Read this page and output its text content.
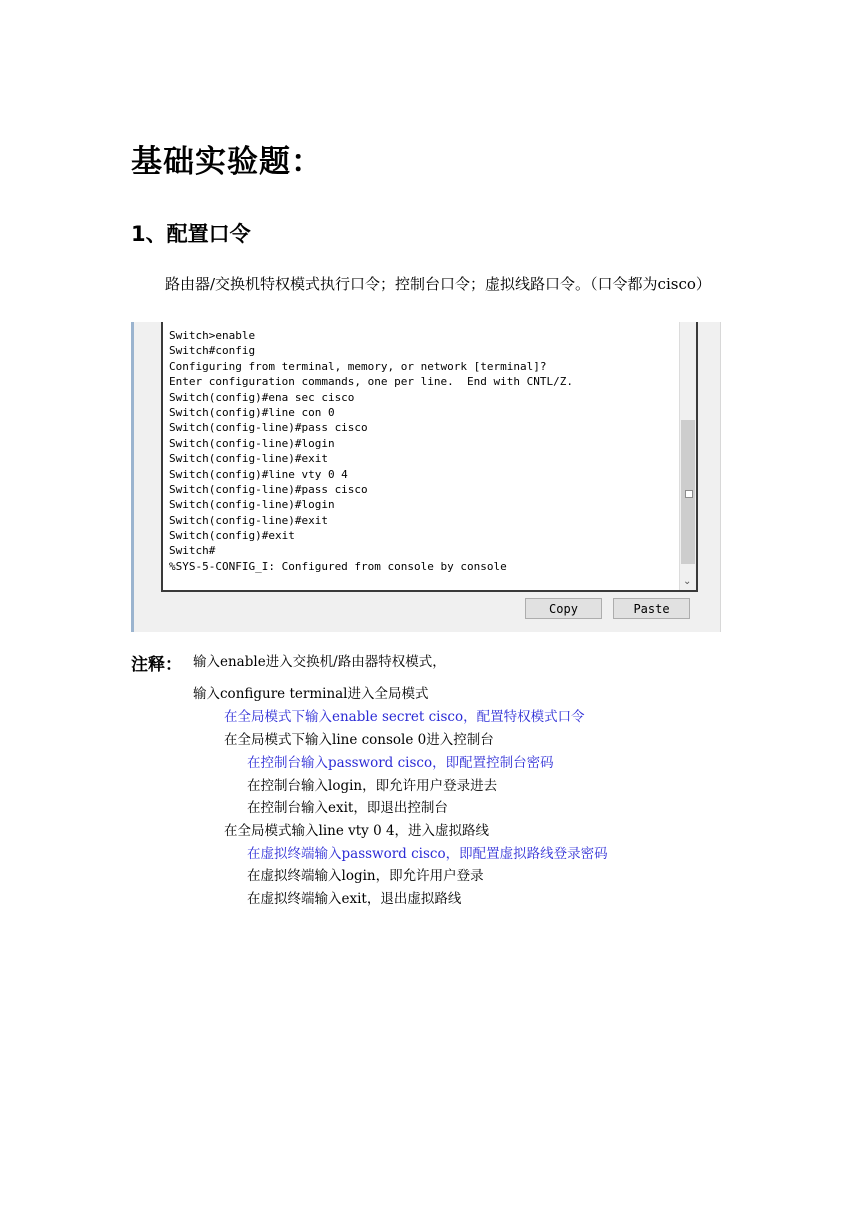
基础实验题：
1、配置口令

路由器/交换机特权模式执行口令；控制台口令；虚拟线路口令。（口令都为cisco）

Switch>enable
Switch#config
Configuring from terminal, memory, or network [terminal]?
Enter configuration commands, one per line.  End with CNTL/Z.
Switch(config)#ena sec cisco
Switch(config)#line con 0
Switch(config-line)#pass cisco
Switch(config-line)#login
Switch(config-line)#exit
Switch(config)#line vty 0 4
Switch(config-line)#pass cisco
Switch(config-line)#login
Switch(config-line)#exit
Switch(config)#exit
Switch#
%SYS-5-CONFIG_I: Configured from console by console
⌄
Copy	Paste
注释： 输入enable进入交换机/路由器特权模式，
输入configure terminal进入全局模式
在全局模式下输入enable secret cisco，配置特权模式口令
在全局模式下输入line console 0进入控制台
在控制台输入password cisco，即配置控制台密码
在控制台输入login，即允许用户登录进去
在控制台输入exit，即退出控制台
在全局模式输入line vty 0 4，进入虚拟路线
在虚拟终端输入password cisco，即配置虚拟路线登录密码
在虚拟终端输入login，即允许用户登录
在虚拟终端输入exit，退出虚拟路线
